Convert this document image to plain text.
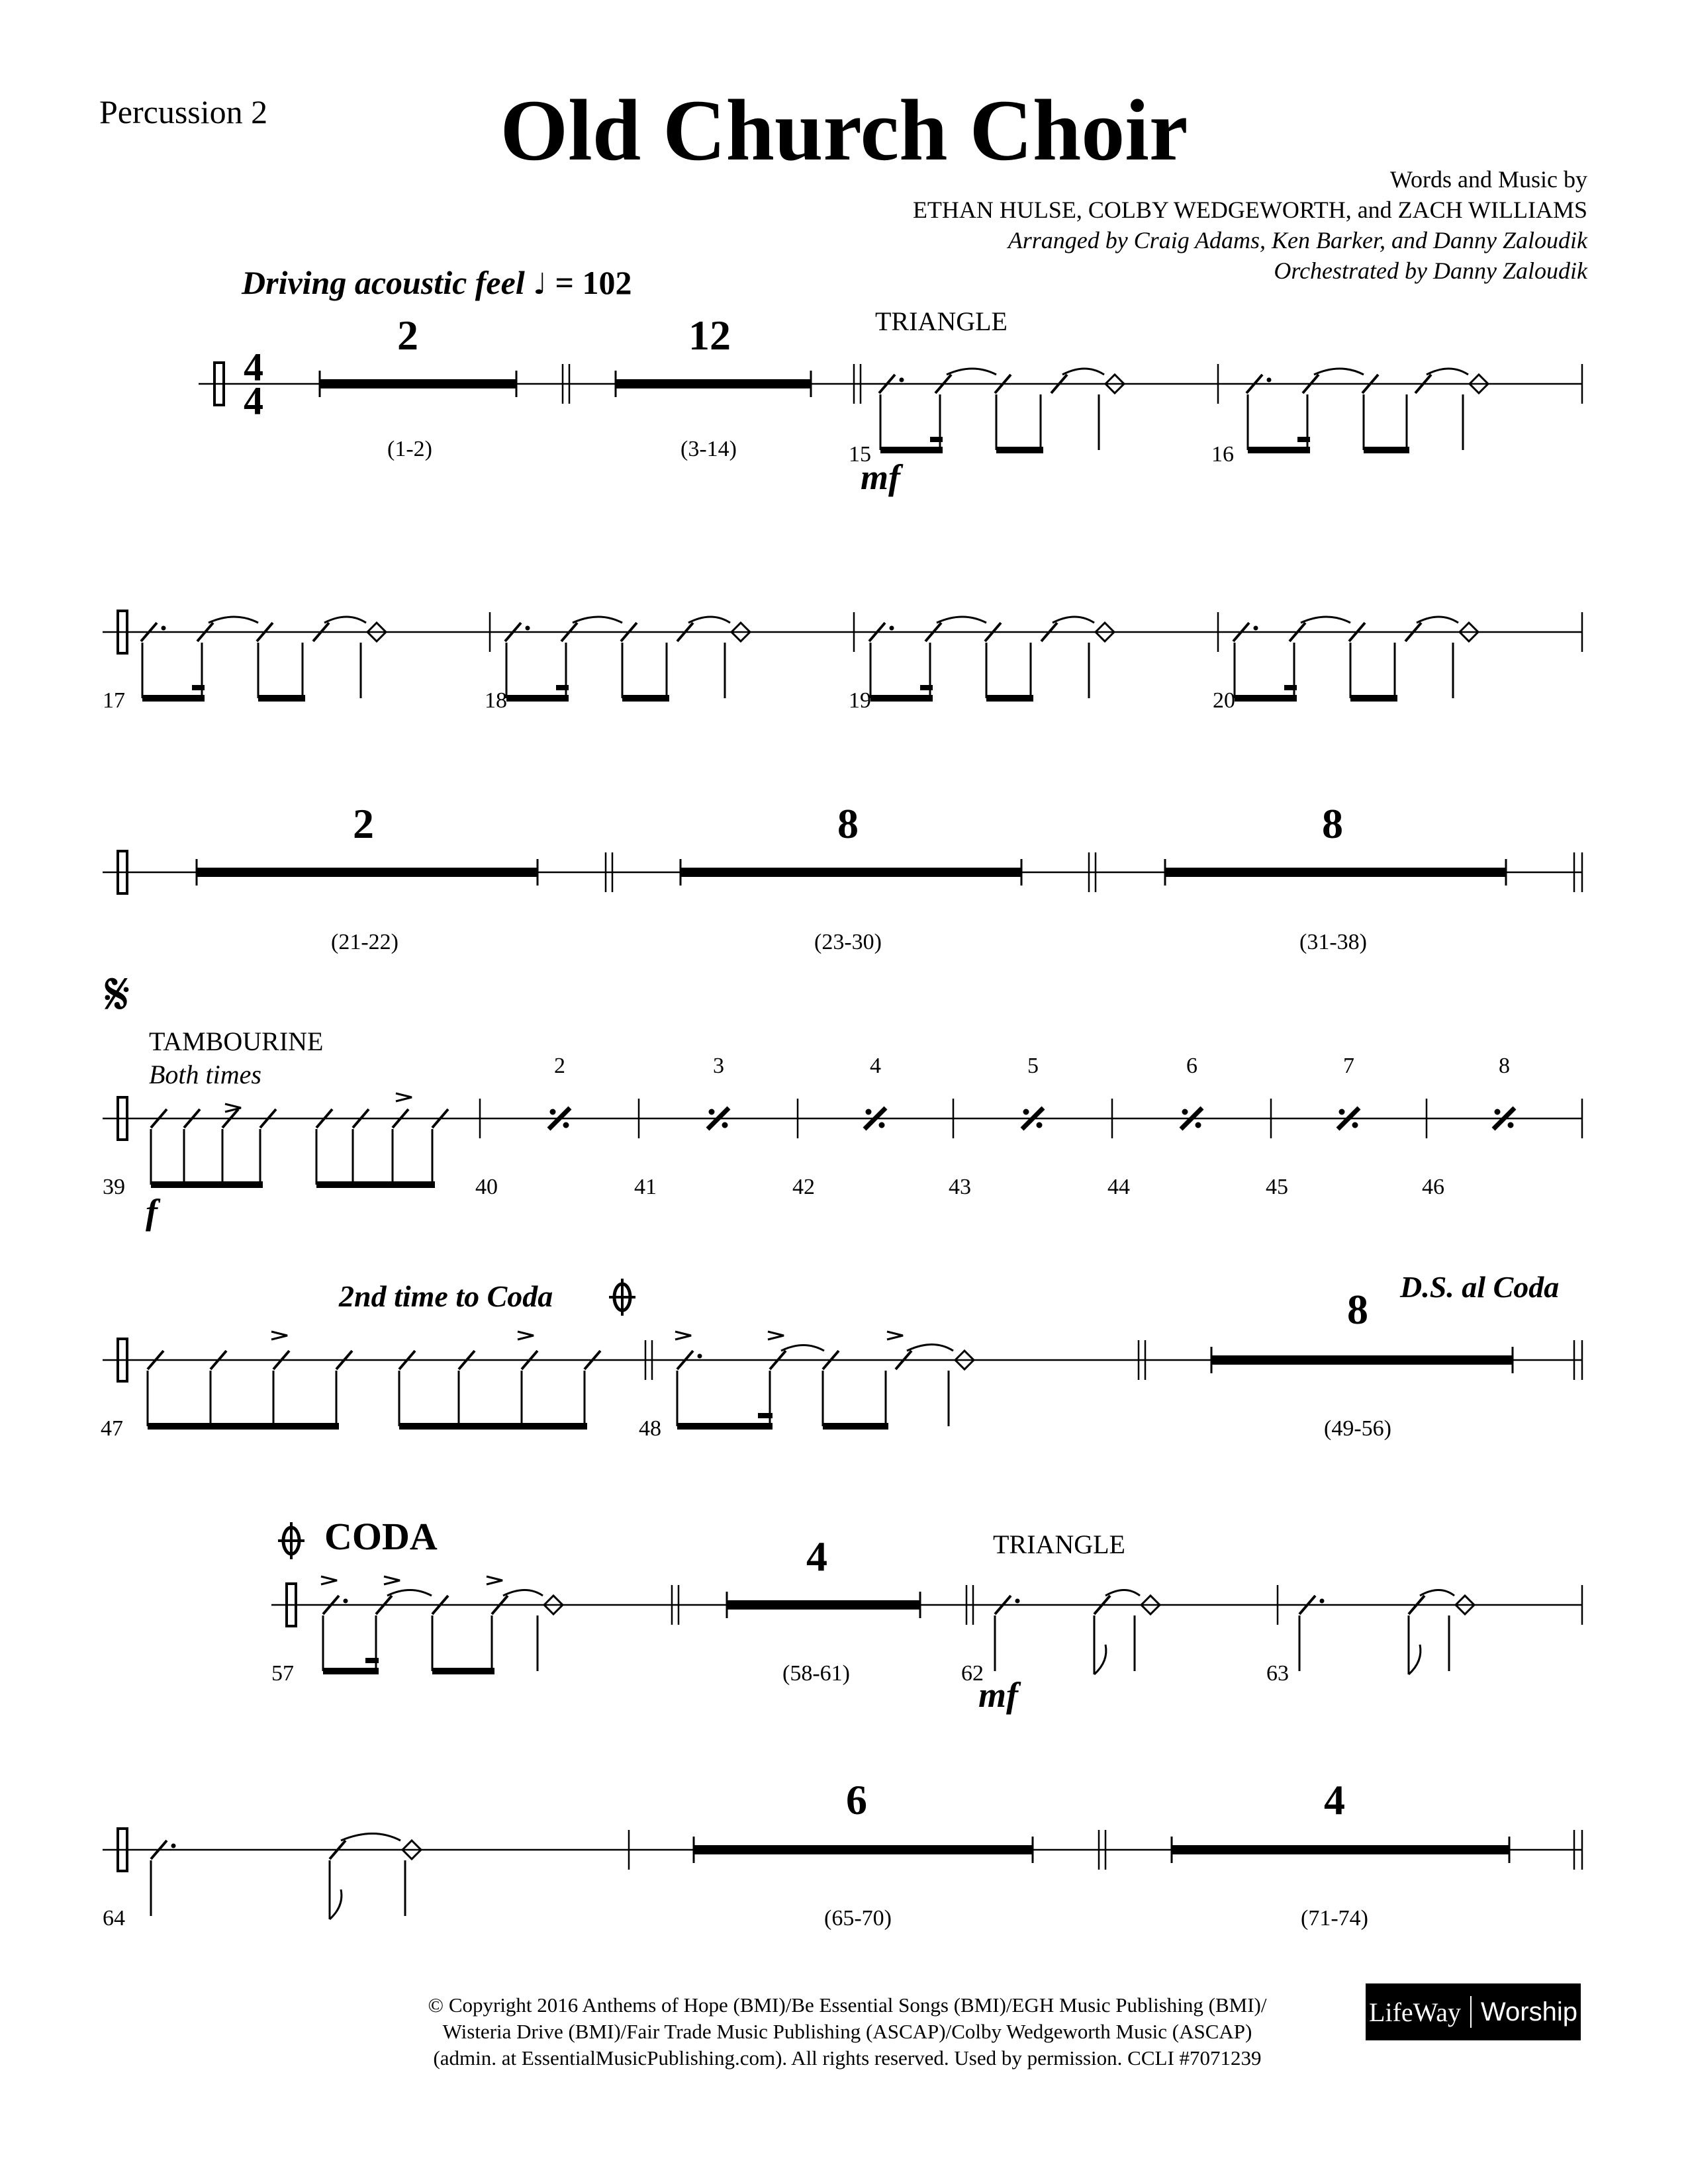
Percussion 2	Old Church Choir
Words and Music by
ETHAN HULSE, COLBY WEDGEWORTH, and ZACH WILLIAMS
Arranged by Craig Adams, Ken Barker, and Danny Zaloudik
Orchestrated by Danny Zaloudik
Driving acoustic feel ♩ = 102
4
4
2
(1-2)
12
(3-14)
TRIANGLE
15	16
mf
17	18	19	20
2
(21-22)
8
(23-30)
8
(31-38)
𝄋
TAMBOURINE
Both times	2	3	4	5	6	7	8
39	40	41	42	43	44	45	46
f
2nd time to Coda	D.S. al Coda
8
(49-56)
47	48
CODA	4
(58-61)
TRIANGLE
57	62	63
mf
6
(65-70)
4
(71-74)
64
© Copyright 2016 Anthems of Hope (BMI)/Be Essential Songs (BMI)/EGH Music Publishing (BMI)/
Wisteria Drive (BMI)/Fair Trade Music Publishing (ASCAP)/Colby Wedgeworth Music (ASCAP)
(admin. at EssentialMusicPublishing.com). All rights reserved. Used by permission. CCLI #7071239
LifeWay Worship
